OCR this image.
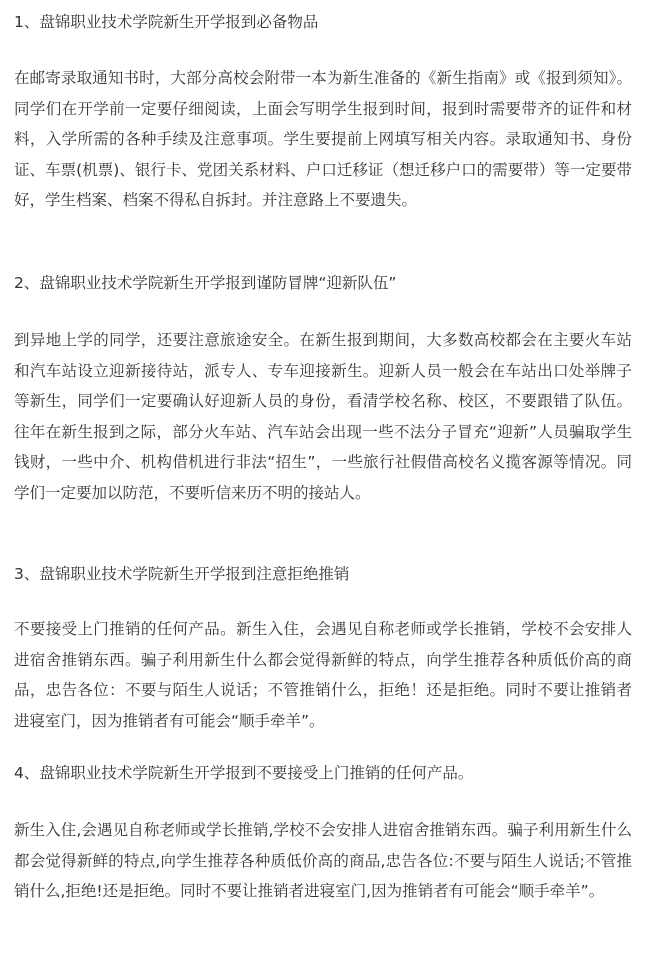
1、盘锦职业技术学院新生开学报到必备物品
在邮寄录取通知书时，大部分高校会附带一本为新生准备的《新生指南》或《报到须知》。同学们在开学前一定要仔细阅读，上面会写明学生报到时间，报到时需要带齐的证件和材料，入学所需的各种手续及注意事项。学生要提前上网填写相关内容。录取通知书、身份证、车票(机票)、银行卡、党团关系材料、户口迁移证（想迁移户口的需要带）等一定要带好，学生档案、档案不得私自拆封。并注意路上不要遗失。
2、盘锦职业技术学院新生开学报到谨防冒牌“迎新队伍”
到异地上学的同学，还要注意旅途安全。在新生报到期间，大多数高校都会在主要火车站和汽车站设立迎新接待站，派专人、专车迎接新生。迎新人员一般会在车站出口处举牌子等新生，同学们一定要确认好迎新人员的身份，看清学校名称、校区，不要跟错了队伍。往年在新生报到之际，部分火车站、汽车站会出现一些不法分子冒充“迎新”人员骗取学生钱财，一些中介、机构借机进行非法“招生”，一些旅行社假借高校名义揽客源等情况。同学们一定要加以防范，不要听信来历不明的接站人。
3、盘锦职业技术学院新生开学报到注意拒绝推销
不要接受上门推销的任何产品。新生入住，会遇见自称老师或学长推销，学校不会安排人进宿舍推销东西。骗子利用新生什么都会觉得新鲜的特点，向学生推荐各种质低价高的商品，忠告各位：不要与陌生人说话；不管推销什么，拒绝！还是拒绝。同时不要让推销者进寝室门，因为推销者有可能会“顺手牵羊”。
4、盘锦职业技术学院新生开学报到不要接受上门推销的任何产品。
新生入住,会遇见自称老师或学长推销,学校不会安排人进宿舍推销东西。骗子利用新生什么都会觉得新鲜的特点,向学生推荐各种质低价高的商品,忠告各位:不要与陌生人说话;不管推销什么,拒绝!还是拒绝。同时不要让推销者进寝室门,因为推销者有可能会“顺手牵羊”。
